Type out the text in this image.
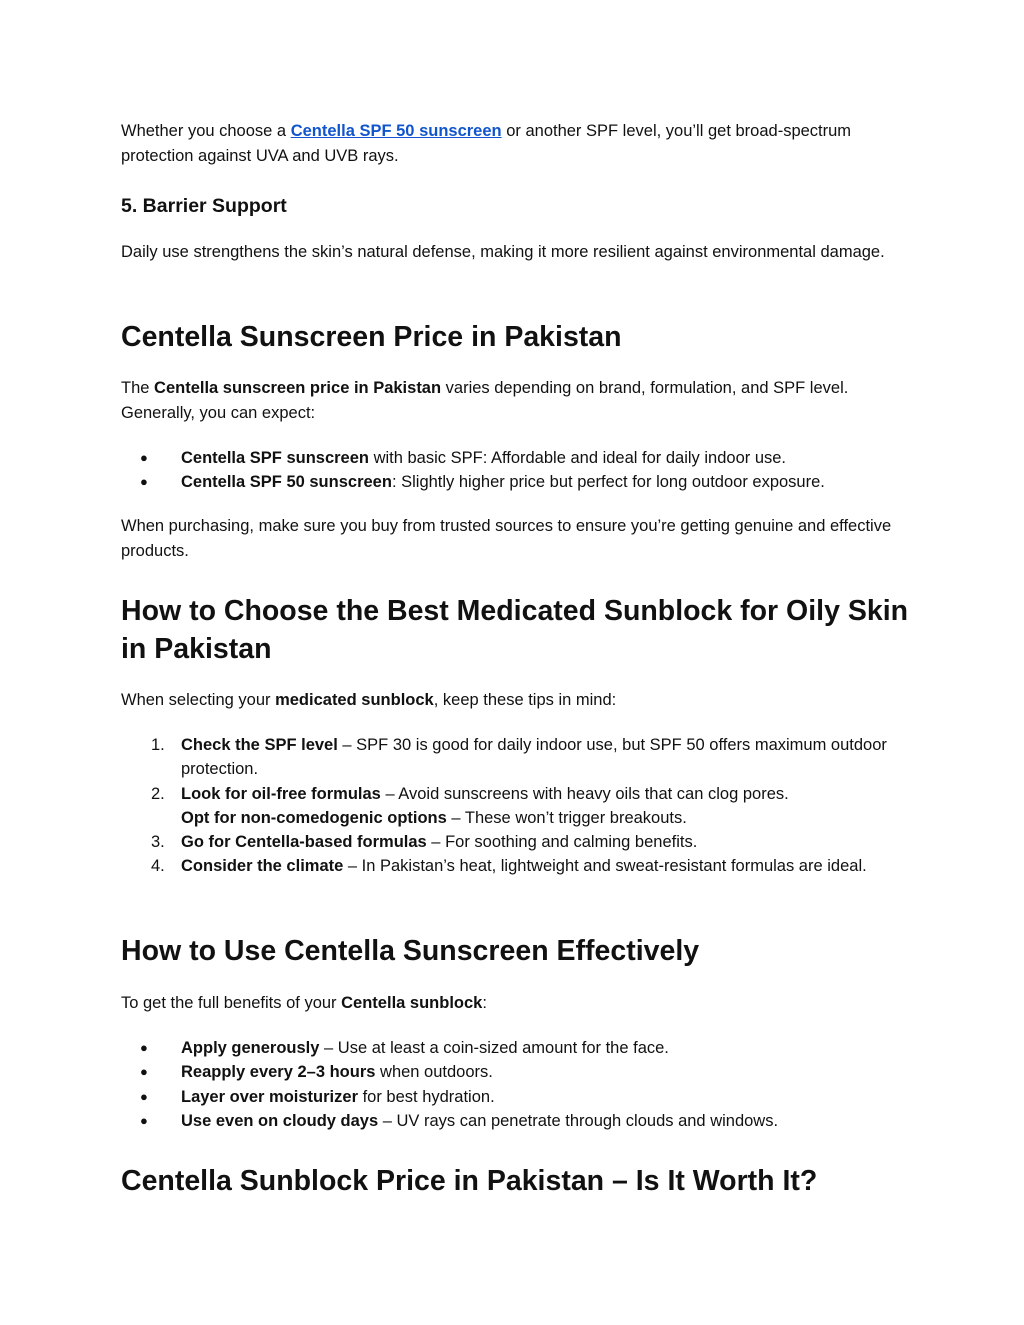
Whether you choose a Centella SPF 50 sunscreen or another SPF level, you’ll get broad-spectrum protection against UVA and UVB rays.

5. Barrier Support

Daily use strengthens the skin’s natural defense, making it more resilient against environmental damage.

Centella Sunscreen Price in Pakistan

The Centella sunscreen price in Pakistan varies depending on brand, formulation, and SPF level. Generally, you can expect:

● Centella SPF sunscreen with basic SPF: Affordable and ideal for daily indoor use.
● Centella SPF 50 sunscreen: Slightly higher price but perfect for long outdoor exposure.

When purchasing, make sure you buy from trusted sources to ensure you’re getting genuine and effective products.

How to Choose the Best Medicated Sunblock for Oily Skin in Pakistan

When selecting your medicated sunblock, keep these tips in mind:

1. Check the SPF level – SPF 30 is good for daily indoor use, but SPF 50 offers maximum outdoor protection.
2. Look for oil-free formulas – Avoid sunscreens with heavy oils that can clog pores.
Opt for non-comedogenic options – These won’t trigger breakouts.
3. Go for Centella-based formulas – For soothing and calming benefits.
4. Consider the climate – In Pakistan’s heat, lightweight and sweat-resistant formulas are ideal.
How to Use Centella Sunscreen Effectively

To get the full benefits of your Centella sunblock:

● Apply generously – Use at least a coin-sized amount for the face.
● Reapply every 2–3 hours when outdoors.
● Layer over moisturizer for best hydration.
● Use even on cloudy days – UV rays can penetrate through clouds and windows.
Centella Sunblock Price in Pakistan – Is It Worth It?
